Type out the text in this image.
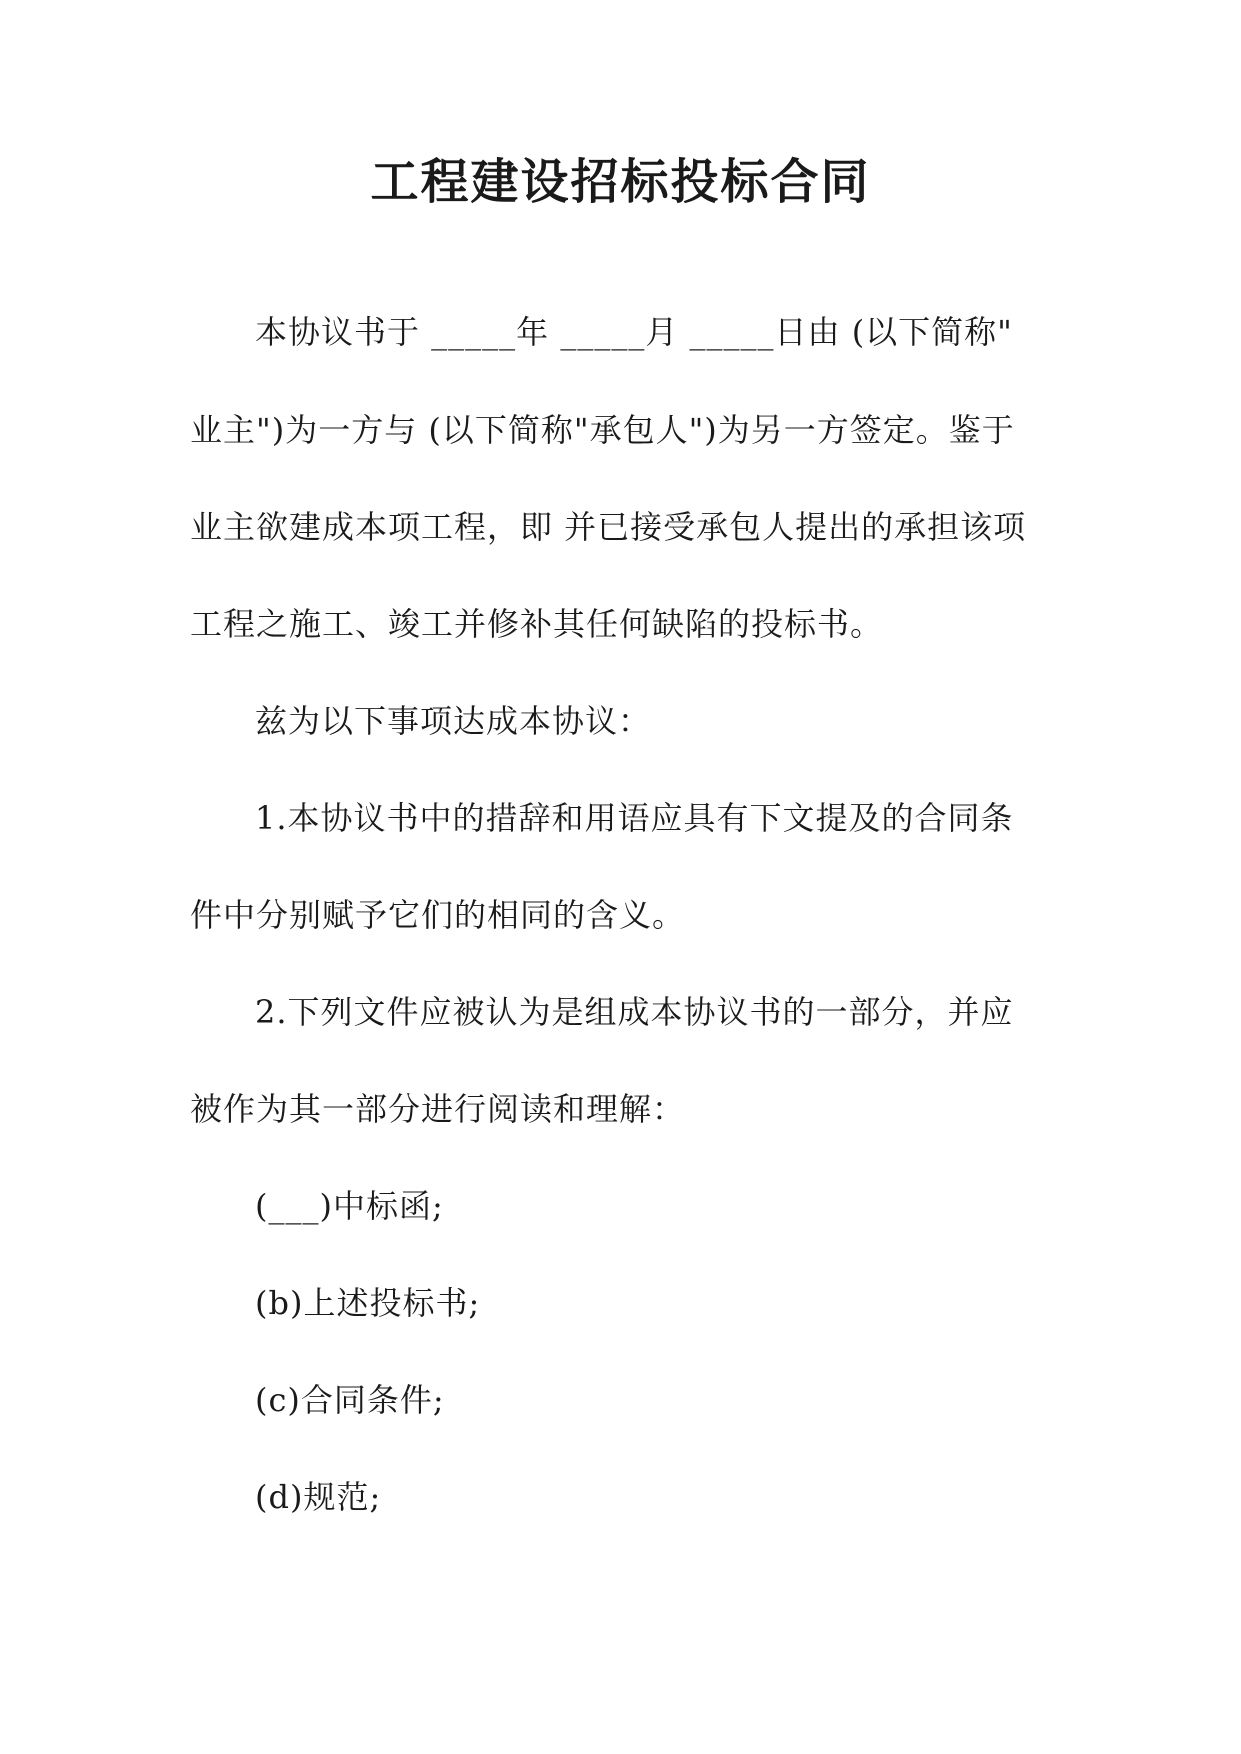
工程建设招标投标合同
本协议书于 _____年 _____月 _____日由 (以下简称"
业主")为一方与 (以下简称"承包人")为另一方签定。鉴于
业主欲建成本项工程，即 并已接受承包人提出的承担该项
工程之施工、竣工并修补其任何缺陷的投标书。
兹为以下事项达成本协议：
1.本协议书中的措辞和用语应具有下文提及的合同条
件中分别赋予它们的相同的含义。
2.下列文件应被认为是组成本协议书的一部分，并应
被作为其一部分进行阅读和理解：
(___)中标函;
(b)上述投标书;
(c)合同条件;
(d)规范;
